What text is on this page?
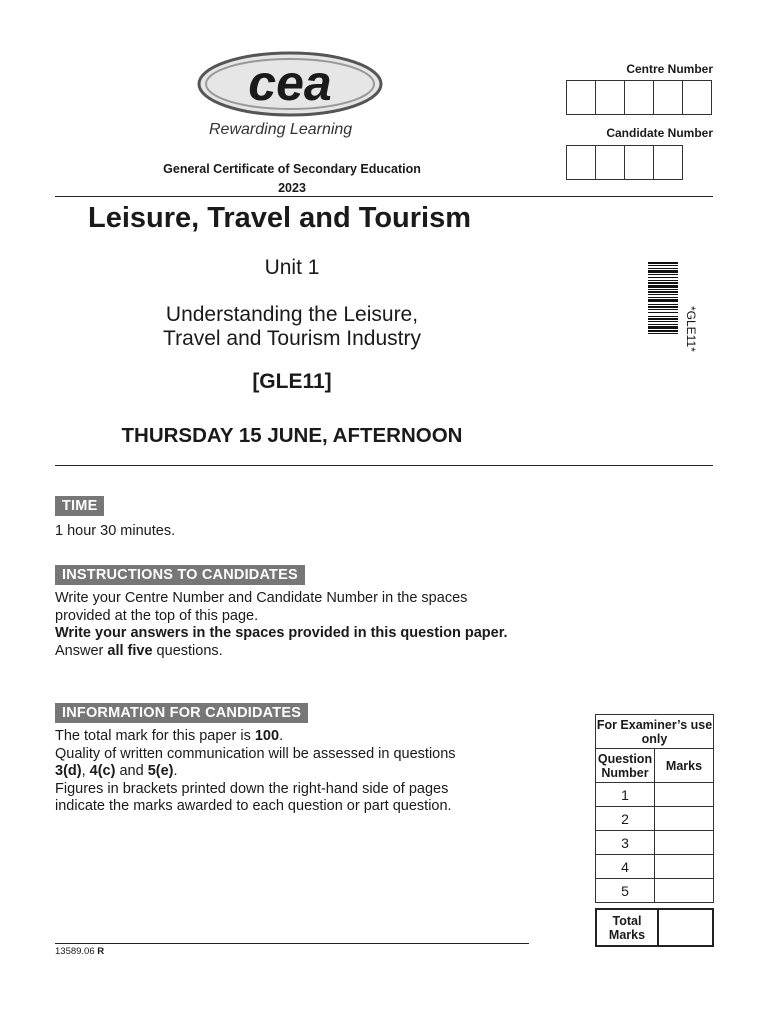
cea
Rewarding Learning
General Certificate of Secondary Education
2023
Centre Number
Candidate Number
Leisure, Travel and Tourism
Unit 1
Understanding the Leisure,
Travel and Tourism Industry
[GLE11]
THURSDAY 15 JUNE, AFTERNOON
*GLE11*
TIME
1 hour 30 minutes.
INSTRUCTIONS TO CANDIDATES
Write your Centre Number and Candidate Number in the spaces provided at the top of this page.
Write your answers in the spaces provided in this question paper.
Answer all five questions.
INFORMATION FOR CANDIDATES
The total mark for this paper is 100.
Quality of written communication will be assessed in questions 3(d), 4(c) and 5(e).
Figures in brackets printed down the right-hand side of pages indicate the marks awarded to each question or part question.
For Examiner’s use only	
Question Number	Marks
1	
2	
3	
4	
5	
Total Marks	
13589.06 R
